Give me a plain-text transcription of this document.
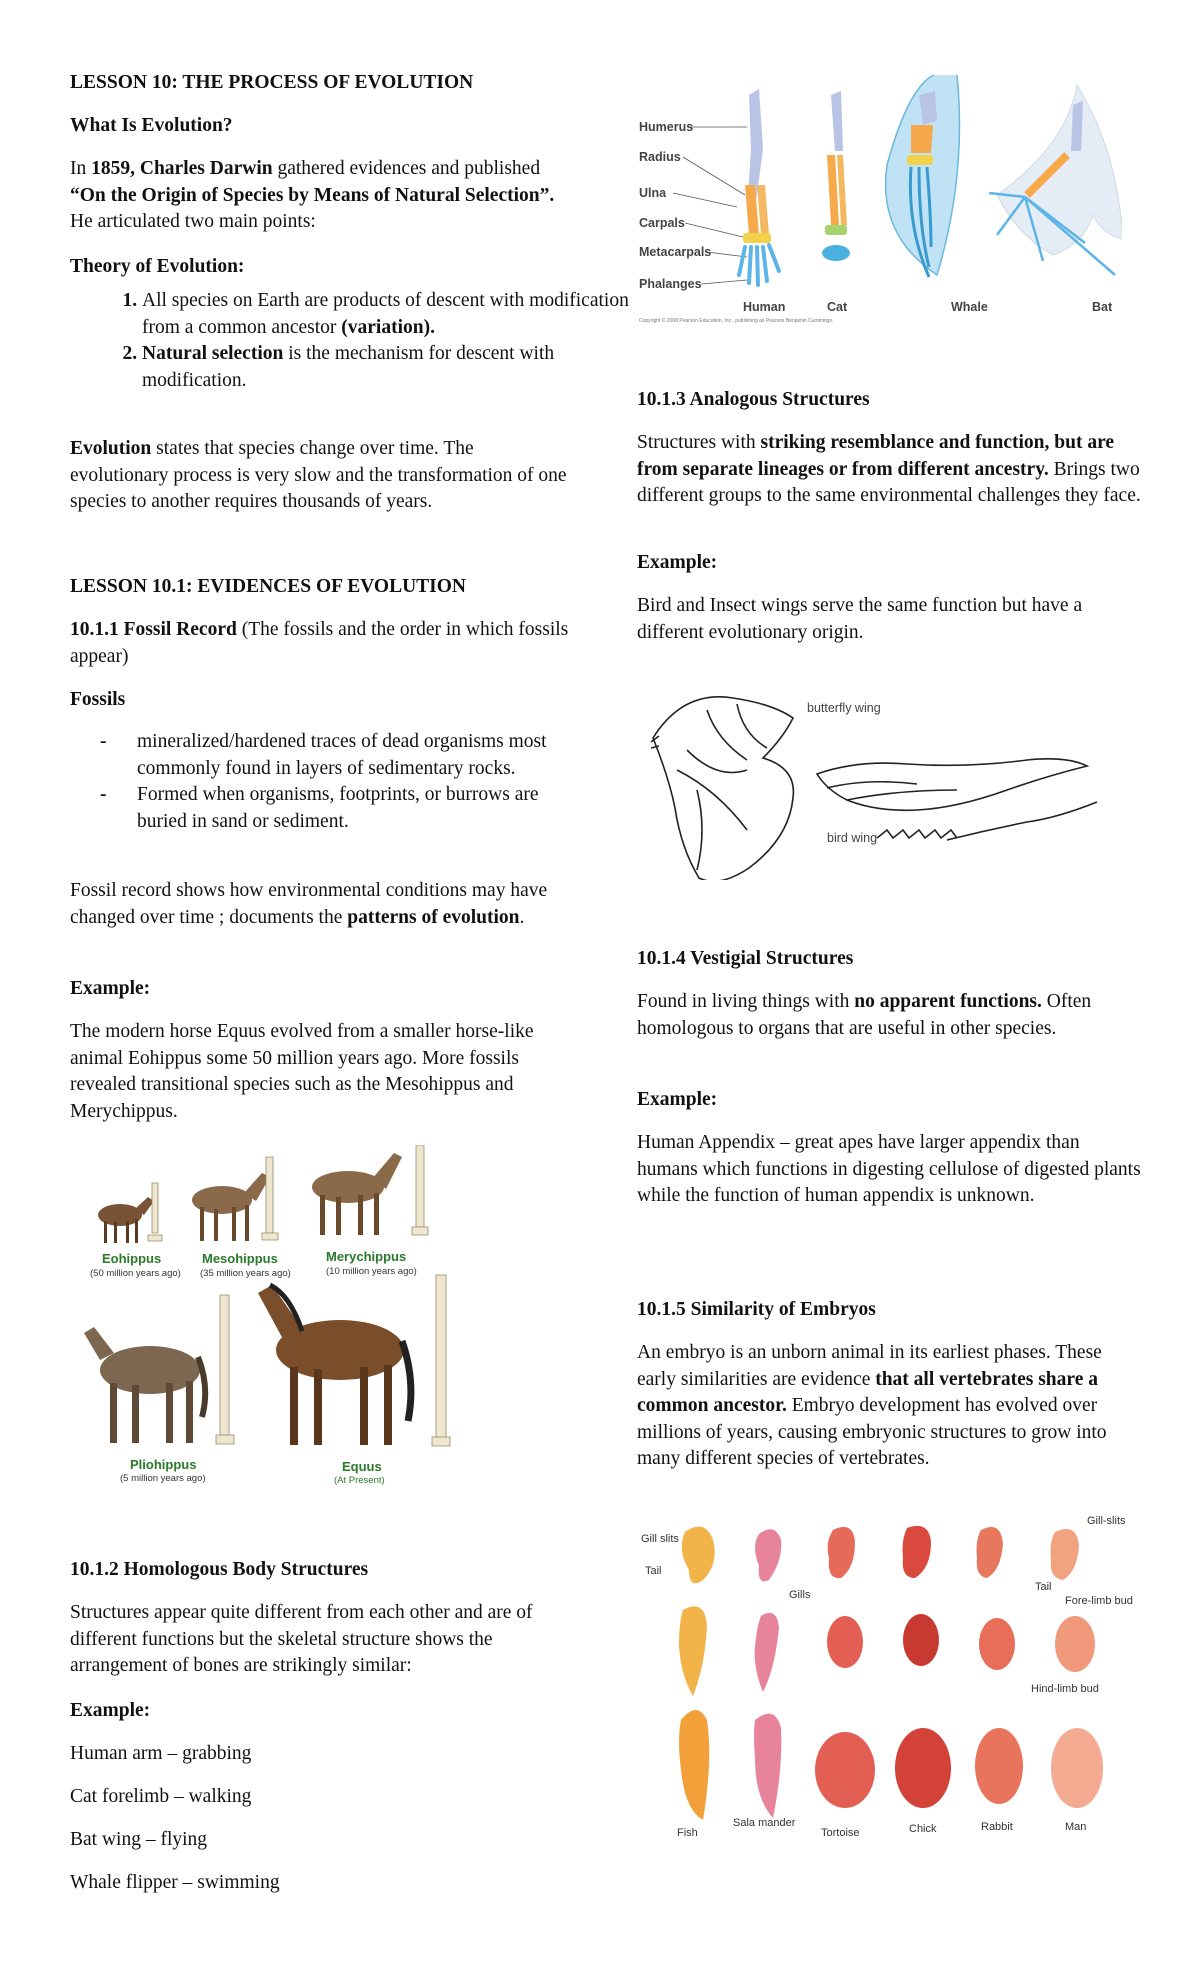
LESSON 10: THE PROCESS OF EVOLUTION

What Is Evolution?

In 1859, Charles Darwin gathered evidences and published “On the Origin of Species by Means of Natural Selection”. He articulated two main points:

Theory of Evolution:

1. All species on Earth are products of descent with modification from a common ancestor (variation).
2. Natural selection is the mechanism for descent with modification.

Evolution states that species change over time. The evolutionary process is very slow and the transformation of one species to another requires thousands of years.

LESSON 10.1: EVIDENCES OF EVOLUTION

10.1.1 Fossil Record (The fossils and the order in which fossils appear)

Fossils

- mineralized/hardened traces of dead organisms most commonly found in layers of sedimentary rocks.
- Formed when organisms, footprints, or burrows are buried in sand or sediment.

Fossil record shows how environmental conditions may have changed over time ; documents the patterns of evolution.

Example:

The modern horse Equus evolved from a smaller horse-like animal Eohippus some 50 million years ago. More fossils revealed transitional species such as the Mesohippus and Merychippus.

Eohippus
(50 million years ago)
Mesohippus
(35 million years ago)
Merychippus
(10 million years ago)
Pliohippus
(5 million years ago)
Equus
(At Present)

10.1.2 Homologous Body Structures

Structures appear quite different from each other and are of different functions but the skeletal structure shows the arrangement of bones are strikingly similar:

Example:

Human arm – grabbing

Cat forelimb – walking

Bat wing – flying

Whale flipper – swimming

Humerus
Radius
Ulna
Carpals
Metacarpals
Phalanges
Human	Cat	Whale	Bat
Copyright © 2008 Pearson Education, Inc., publishing as Pearson Benjamin Cummings.

10.1.3 Analogous Structures

Structures with striking resemblance and function, but are from separate lineages or from different ancestry. Brings two different groups to the same environmental challenges they face.

Example:

Bird and Insect wings serve the same function but have a different evolutionary origin.

butterfly wing
bird wing

10.1.4 Vestigial Structures

Found in living things with no apparent functions. Often homologous to organs that are useful in other species.

Example:

Human Appendix – great apes have larger appendix than humans which functions in digesting cellulose of digested plants while the function of human appendix is unknown.

10.1.5 Similarity of Embryos

An embryo is an unborn animal in its earliest phases. These early similarities are evidence that all vertebrates share a common ancestor. Embryo development has evolved over millions of years, causing embryonic structures to grow into many different species of vertebrates.

Gill slits
Tail
Gills
Gill-slits
Tail
Fore-limb bud
Hind-limb bud
Fish
Sala mander
Tortoise	Chick	Rabbit	Man
